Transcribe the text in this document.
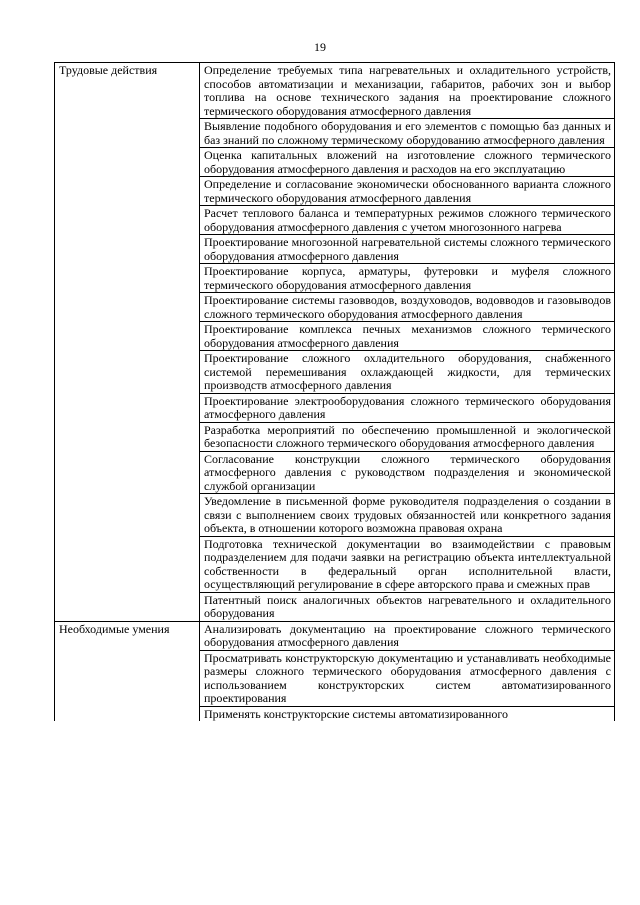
19
Трудовые действия	Определение требуемых типа нагревательных и охладительного устройств, способов автоматизации и механизации, габаритов, рабочих зон и выбор топлива на основе технического задания на проектирование сложного термического оборудования атмосферного давления
	Выявление подобного оборудования и его элементов с помощью баз данных и баз знаний по сложному термическому оборудованию атмосферного давления
	Оценка капитальных вложений на изготовление сложного термического оборудования атмосферного давления и расходов на его эксплуатацию
	Определение и согласование экономически обоснованного варианта сложного термического оборудования атмосферного давления
	Расчет теплового баланса и температурных режимов сложного термического оборудования атмосферного давления с учетом многозонного нагрева
	Проектирование многозонной нагревательной системы сложного термического оборудования атмосферного давления
	Проектирование корпуса, арматуры, футеровки и муфеля сложного термического оборудования атмосферного давления
	Проектирование системы газовводов, воздуховодов, водовводов и газовыводов сложного термического оборудования атмосферного давления
	Проектирование комплекса печных механизмов сложного термического оборудования атмосферного давления
	Проектирование сложного охладительного оборудования, снабженного системой перемешивания охлаждающей жидкости, для термических производств атмосферного давления
	Проектирование электрооборудования сложного термического оборудования атмосферного давления
	Разработка мероприятий по обеспечению промышленной и экологической безопасности сложного термического оборудования атмосферного давления
	Согласование конструкции сложного термического оборудования атмосферного давления с руководством подразделения и экономической службой организации
	Уведомление в письменной форме руководителя подразделения о создании в связи с выполнением своих трудовых обязанностей или конкретного задания объекта, в отношении которого возможна правовая охрана
	Подготовка технической документации во взаимодействии с правовым подразделением для подачи заявки на регистрацию объекта интеллектуальной собственности в федеральный орган исполнительной власти, осуществляющий регулирование в сфере авторского права и смежных прав
	Патентный поиск аналогичных объектов нагревательного и охладительного оборудования
Необходимые умения	Анализировать документацию на проектирование сложного термического оборудования атмосферного давления
	Просматривать конструкторскую документацию и устанавливать необходимые размеры сложного термического оборудования атмосферного давления с использованием конструкторских систем автоматизированного проектирования
	Применять конструкторские системы автоматизированного
